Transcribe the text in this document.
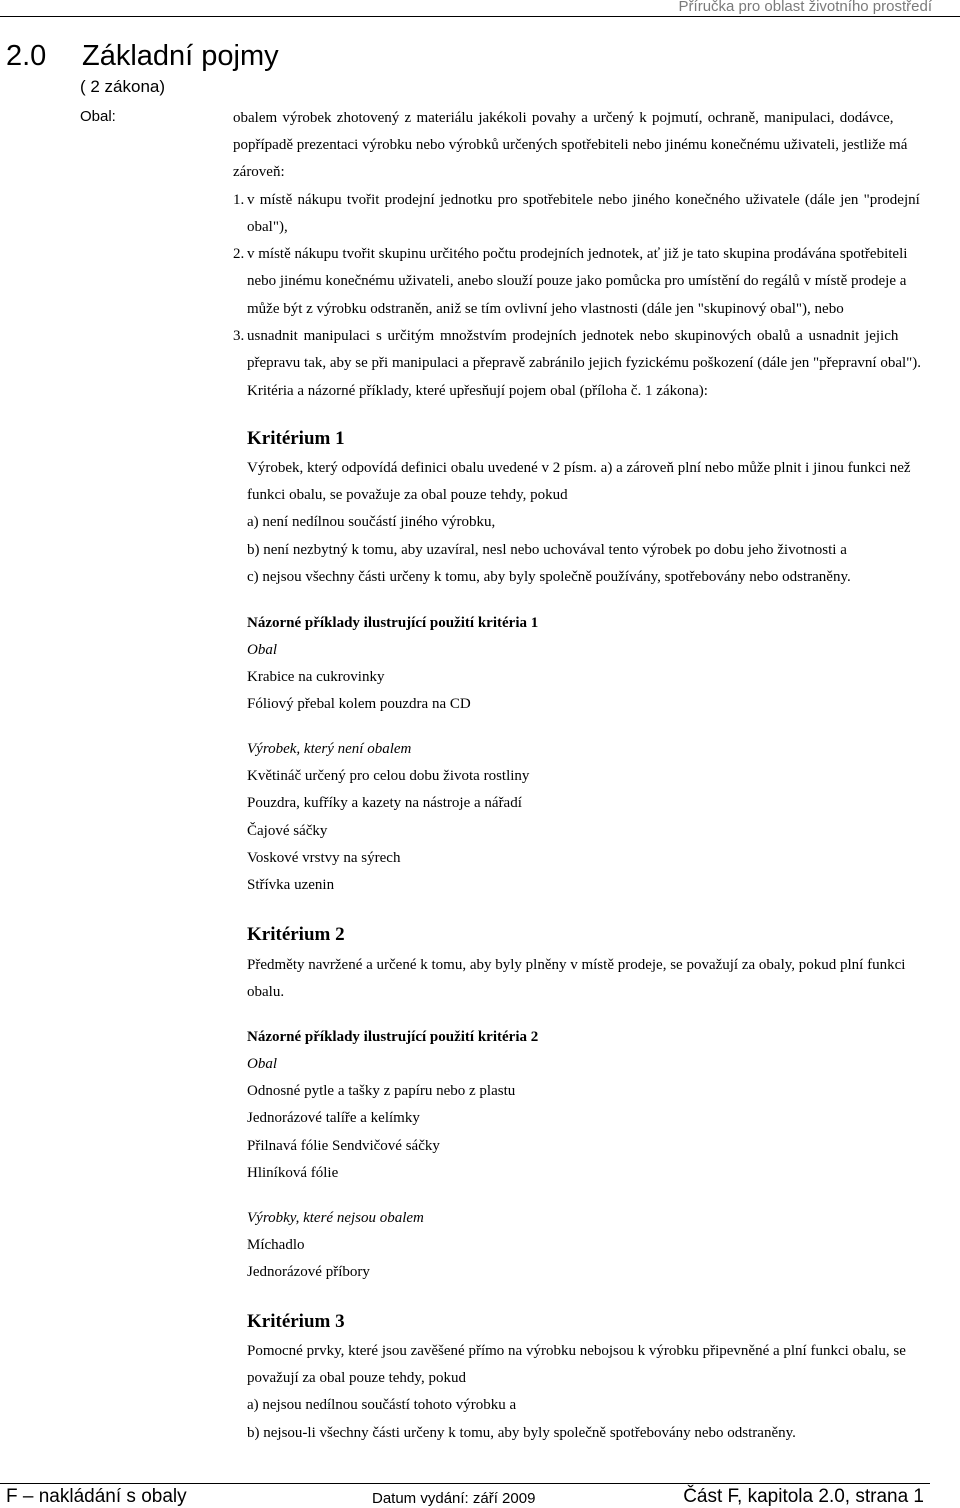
Příručka pro oblast životního prostředí
2.0 Základní pojmy
( 2 zákona)
Obal:	obalem výrobek zhotovený z materiálu jakékoli povahy a určený k pojmutí, ochraně, manipulaci, dodávce,
popřípadě prezentaci výrobku nebo výrobků určených spotřebiteli nebo jinému konečnému uživateli, jestliže má
zároveň:
1. v místě nákupu tvořit prodejní jednotku pro spotřebitele nebo jiného konečného uživatele (dále jen "prodejní
obal"),
2. v místě nákupu tvořit skupinu určitého počtu prodejních jednotek, ať již je tato skupina prodávána spotřebiteli
nebo jinému konečnému uživateli, anebo slouží pouze jako pomůcka pro umístění do regálů v místě prodeje a
může být z výrobku odstraněn, aniž se tím ovlivní jeho vlastnosti (dále jen "skupinový obal"), nebo
3. usnadnit manipulaci s určitým množstvím prodejních jednotek nebo skupinových obalů a usnadnit jejich
přepravu tak, aby se při manipulaci a přepravě zabránilo jejich fyzickému poškození (dále jen "přepravní obal").
Kritéria a názorné příklady, které upřesňují pojem obal (příloha č. 1 zákona):
Kritérium 1
Výrobek, který odpovídá definici obalu uvedené v 2 písm. a) a zároveň plní nebo může plnit i jinou funkci než
funkci obalu, se považuje za obal pouze tehdy, pokud
a) není nedílnou součástí jiného výrobku,
b) není nezbytný k tomu, aby uzavíral, nesl nebo uchovával tento výrobek po dobu jeho životnosti a
c) nejsou všechny části určeny k tomu, aby byly společně používány, spotřebovány nebo odstraněny.
Názorné příklady ilustrující použití kritéria 1
Obal
Krabice na cukrovinky
Fóliový přebal kolem pouzdra na CD
Výrobek, který není obalem
Květináč určený pro celou dobu života rostliny
Pouzdra, kufříky a kazety na nástroje a nářadí
Čajové sáčky
Voskové vrstvy na sýrech
Střívka uzenin
Kritérium 2
Předměty navržené a určené k tomu, aby byly plněny v místě prodeje, se považují za obaly, pokud plní funkci
obalu.
Názorné příklady ilustrující použití kritéria 2
Obal
Odnosné pytle a tašky z papíru nebo z plastu
Jednorázové talíře a kelímky
Přilnavá fólie Sendvičové sáčky
Hliníková fólie
Výrobky, které nejsou obalem
Míchadlo
Jednorázové příbory
Kritérium 3
Pomocné prvky, které jsou zavěšené přímo na výrobku nebojsou k výrobku připevněné a plní funkci obalu, se
považují za obal pouze tehdy, pokud
a) nejsou nedílnou součástí tohoto výrobku a
b) nejsou-li všechny části určeny k tomu, aby byly společně spotřebovány nebo odstraněny.
F – nakládání s obaly	Datum vydání: září 2009	Část F, kapitola 2.0, strana 1
